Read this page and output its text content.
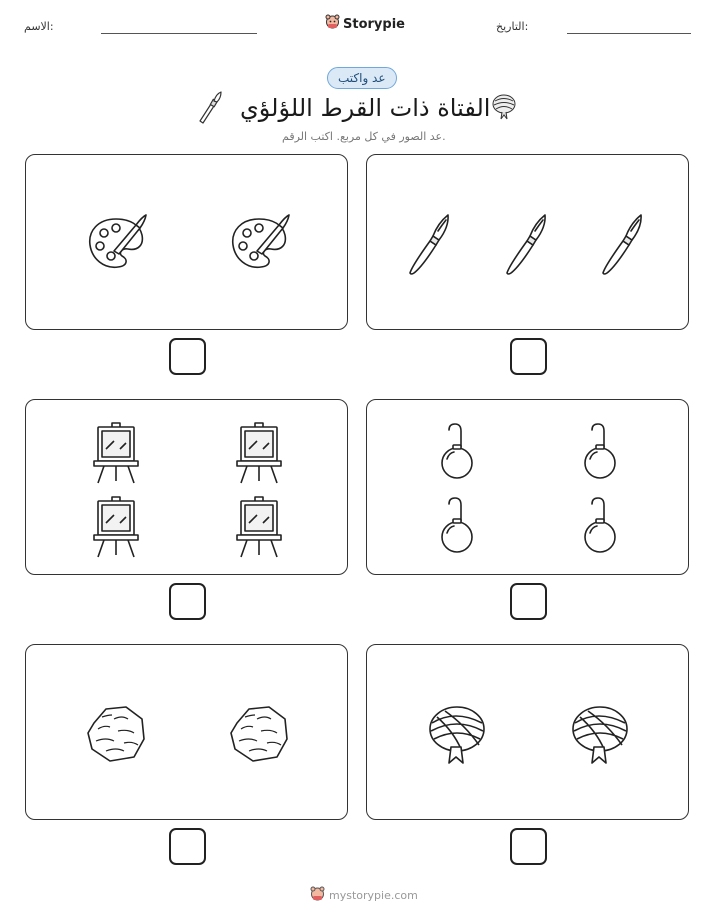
الاسم:	Storypie	التاريخ:
عد واكتب
الفتاة ذات القرط اللؤلؤي
عد الصور في كل مربع. اكتب الرقم.
mystorypie.com
